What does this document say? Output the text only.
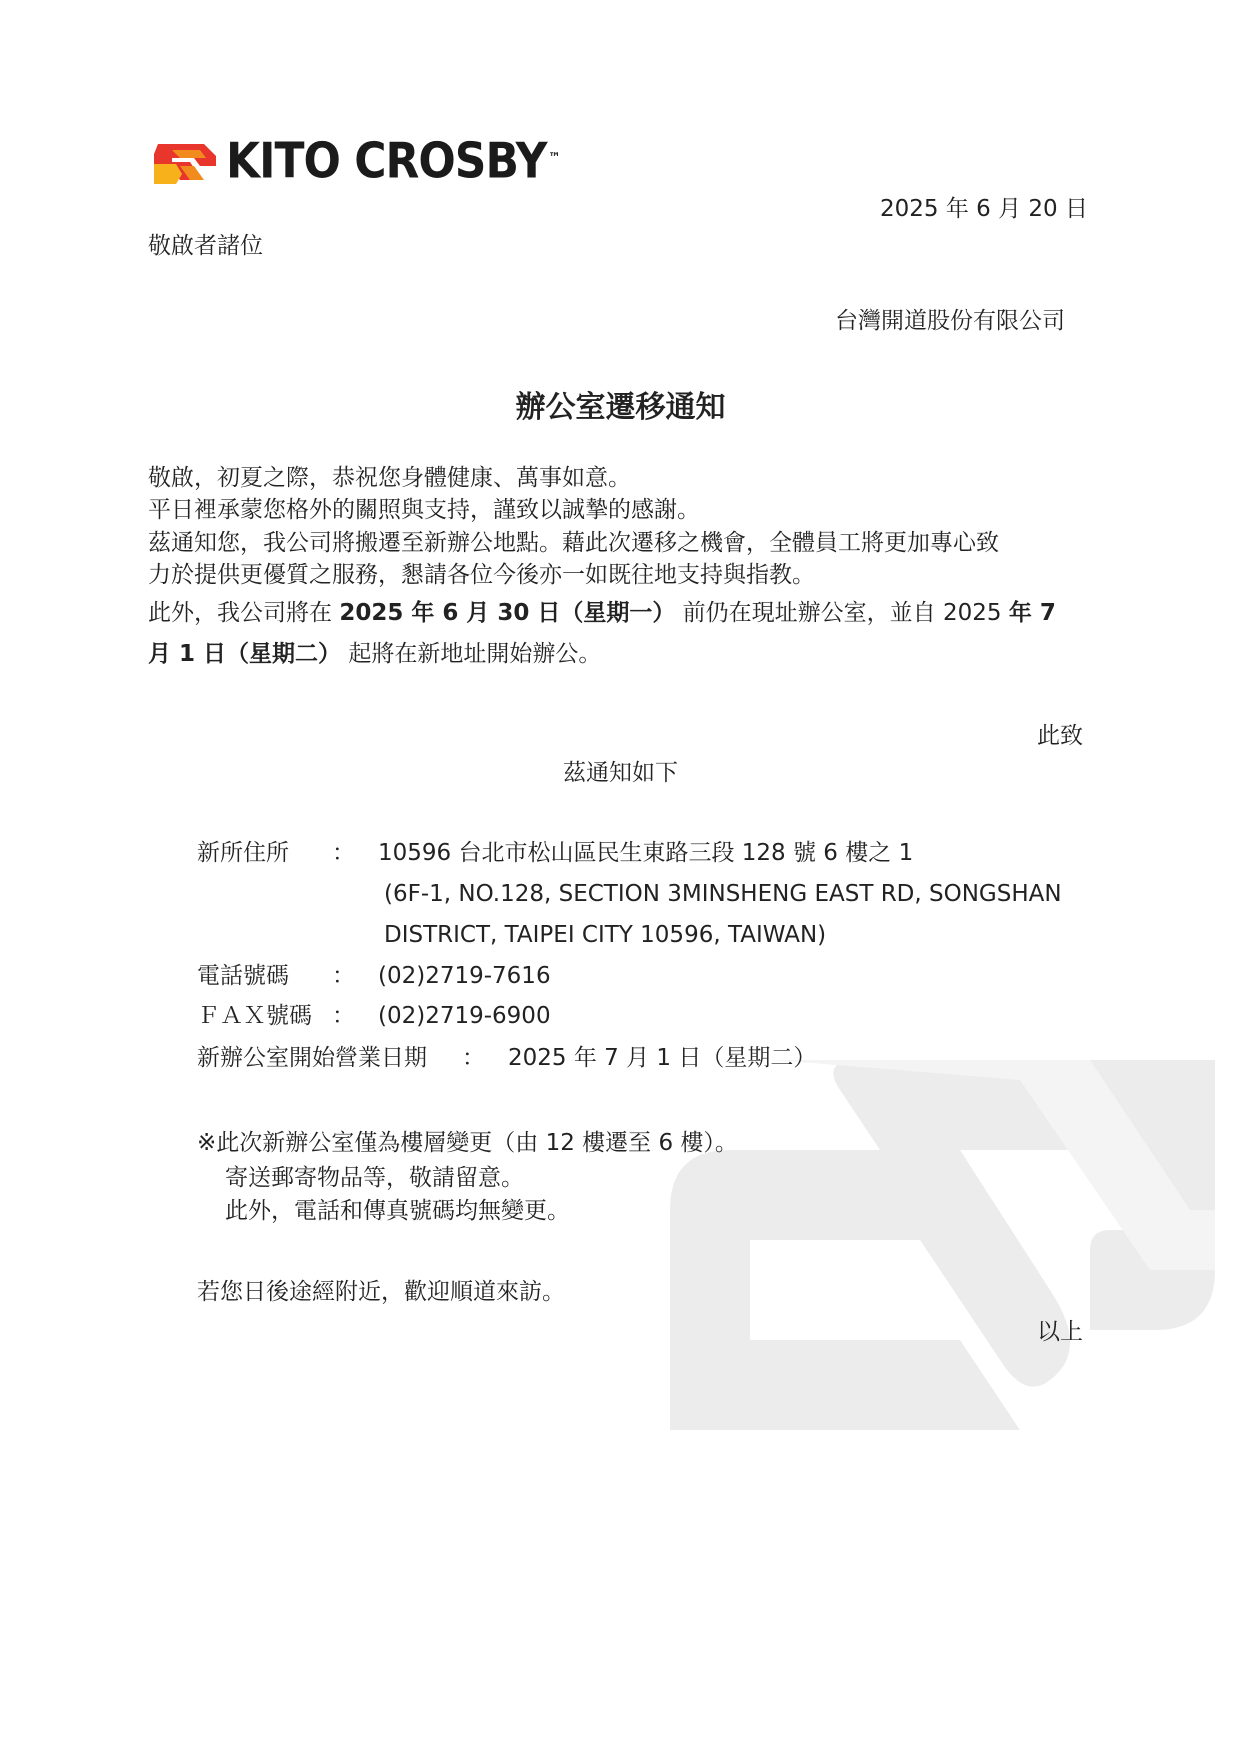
KITO CROSBY ™
2025 年 6 月 20 日
敬啟者諸位
台灣開道股份有限公司
辦公室遷移通知
敬啟，初夏之際，恭祝您身體健康、萬事如意。
平日裡承蒙您格外的關照與支持，謹致以誠摯的感謝。
茲通知您，我公司將搬遷至新辦公地點。藉此次遷移之機會，全體員工將更加專心致
力於提供更優質之服務，懇請各位今後亦一如既往地支持與指教。
此外，我公司將在 2025 年 6 月 30 日（星期一） 前仍在現址辦公室，並自 2025 年 7
月 1 日（星期二） 起將在新地址開始辦公。
此致
茲通知如下
新所住所 ： 10596 台北市松山區民生東路三段 128 號 6 樓之 1
(6F-1, NO.128, SECTION 3MINSHENG EAST RD, SONGSHAN
DISTRICT, TAIPEI CITY 10596, TAIWAN)
電話號碼 ： (02)2719-7616
ＦＡＸ號碼 ： (02)2719-6900
新辦公室開始營業日期 ： 2025 年 7 月 1 日（星期二）
※此次新辦公室僅為樓層變更（由 12 樓遷至 6 樓）。
寄送郵寄物品等，敬請留意。
此外，電話和傳真號碼均無變更。
若您日後途經附近，歡迎順道來訪。
以上
